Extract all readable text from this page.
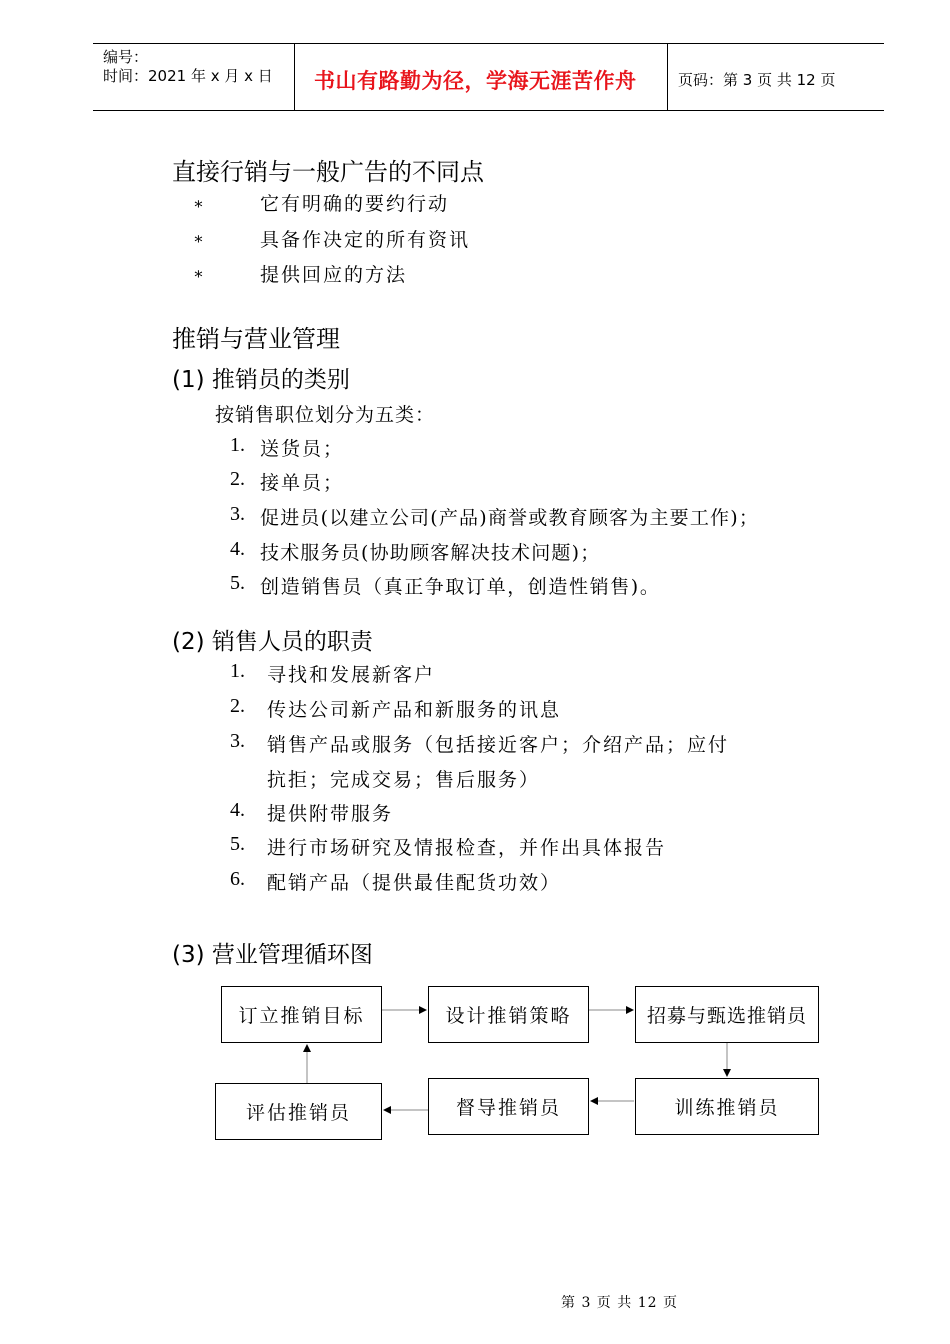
编号：
时间：2021 年 x 月 x 日 书山有路勤为径，学海无涯苦作舟	页码：第 3 页 共 12 页
直接行销与一般广告的不同点
∗	它有明确的要约行动
∗	具备作决定的所有资讯
∗	提供回应的方法
推销与营业管理
(1) 推销员的类别
按销售职位划分为五类：
1. 送货员；
2. 接单员；
3. 促进员(以建立公司(产品)商誉或教育顾客为主要工作)；
4. 技术服务员(协助顾客解决技术问题)；
5. 创造销售员（真正争取订单，创造性销售)。
(2) 销售人员的职责
1. 寻找和发展新客户
2. 传达公司新产品和新服务的讯息
3. 销售产品或服务（包括接近客户；介绍产品；应付
抗拒；完成交易；售后服务）
4. 提供附带服务
5. 进行市场研究及情报检查，并作出具体报告
6. 配销产品（提供最佳配货功效）
(3) 营业管理循环图
订立推销目标	设计推销策略	招募与甄选推销员
训练推销员
督导推销员
评估推销员
第 3 页 共 12 页
